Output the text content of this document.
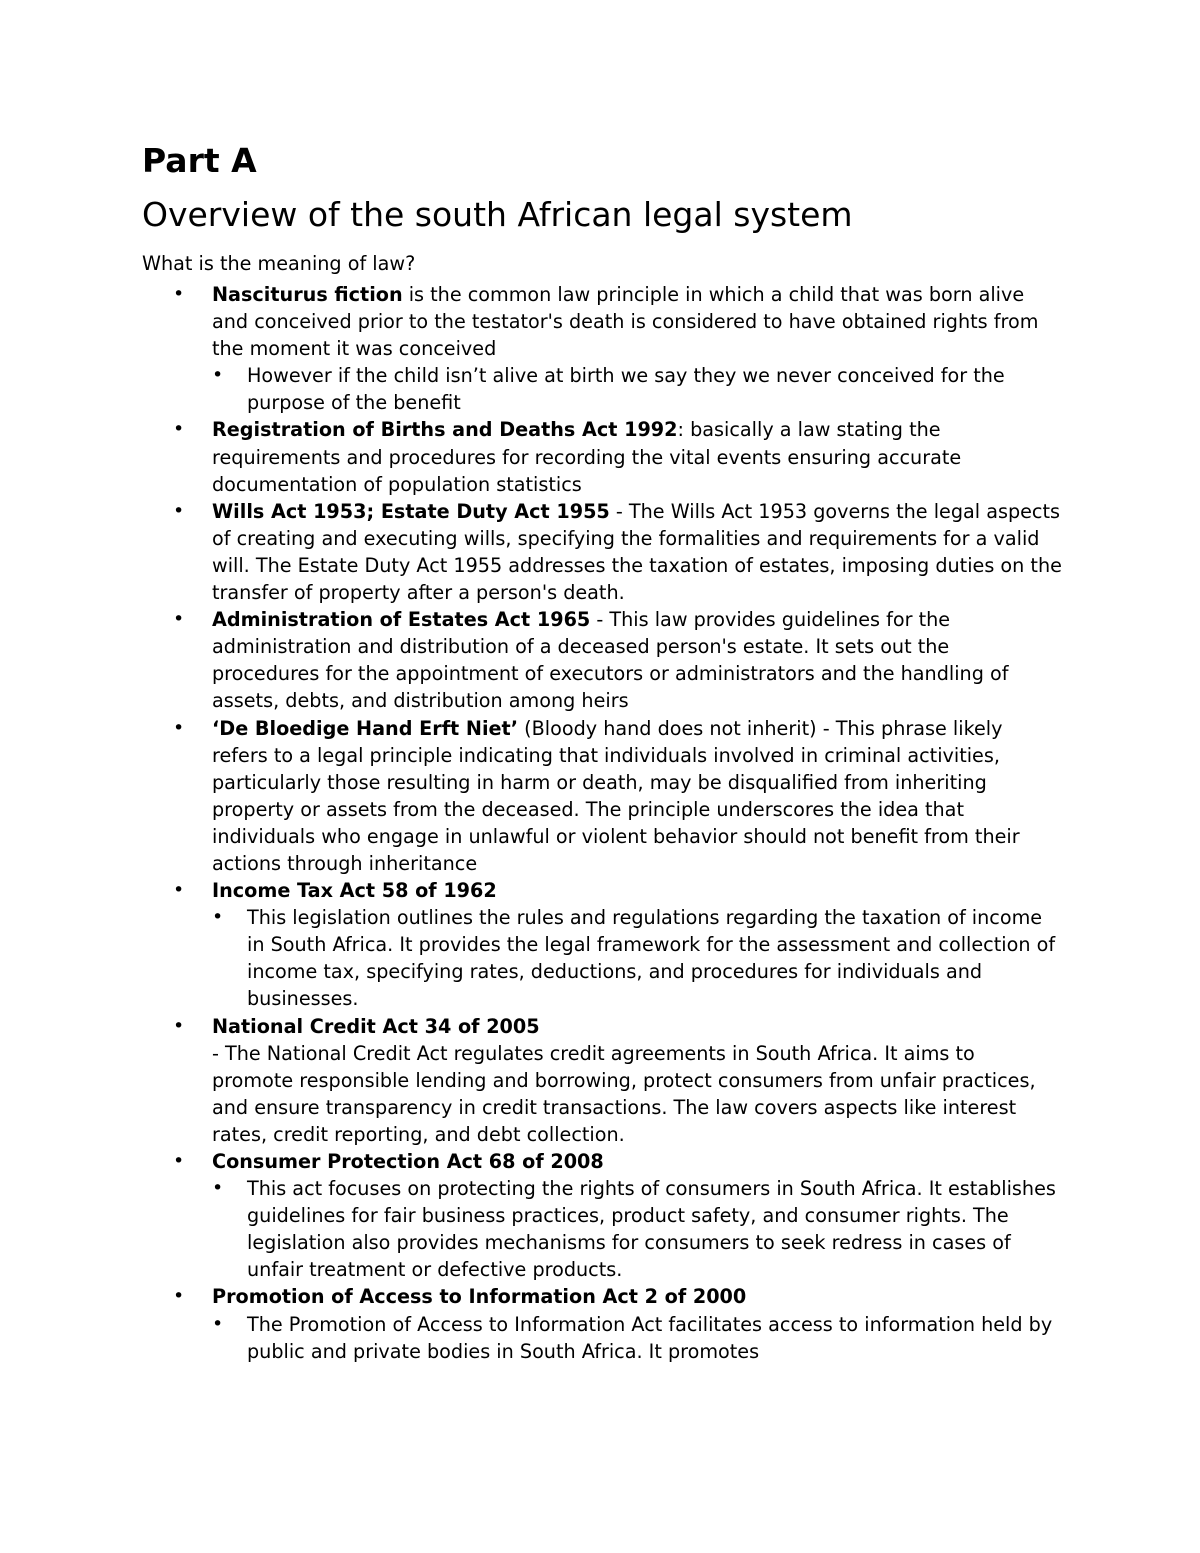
Part A
Overview of the south African legal system
What is the meaning of law?
• Nasciturus fiction is the common law principle in which a child that was born alive and conceived prior to the testator's death is considered to have obtained rights from the moment it was conceived
• However if the child isn’t alive at birth we say they we never conceived for the purpose of the benefit
• Registration of Births and Deaths Act 1992: basically a law stating the requirements and procedures for recording the vital events ensuring accurate documentation of population statistics
• Wills Act 1953; Estate Duty Act 1955 - The Wills Act 1953 governs the legal aspects of creating and executing wills, specifying the formalities and requirements for a valid will. The Estate Duty Act 1955 addresses the taxation of estates, imposing duties on the transfer of property after a person's death.
• Administration of Estates Act 1965 - This law provides guidelines for the administration and distribution of a deceased person's estate. It sets out the procedures for the appointment of executors or administrators and the handling of assets, debts, and distribution among heirs
• ‘De Bloedige Hand Erft Niet’ (Bloody hand does not inherit) - This phrase likely refers to a legal principle indicating that individuals involved in criminal activities, particularly those resulting in harm or death, may be disqualified from inheriting property or assets from the deceased. The principle underscores the idea that individuals who engage in unlawful or violent behavior should not benefit from their actions through inheritance
• Income Tax Act 58 of 1962
• This legislation outlines the rules and regulations regarding the taxation of income in South Africa. It provides the legal framework for the assessment and collection of income tax, specifying rates, deductions, and procedures for individuals and businesses.
• National Credit Act 34 of 2005
- The National Credit Act regulates credit agreements in South Africa. It aims to promote responsible lending and borrowing, protect consumers from unfair practices, and ensure transparency in credit transactions. The law covers aspects like interest rates, credit reporting, and debt collection.
• Consumer Protection Act 68 of 2008
• This act focuses on protecting the rights of consumers in South Africa. It establishes guidelines for fair business practices, product safety, and consumer rights. The legislation also provides mechanisms for consumers to seek redress in cases of unfair treatment or defective products.
• Promotion of Access to Information Act 2 of 2000
• The Promotion of Access to Information Act facilitates access to information held by public and private bodies in South Africa. It promotes
